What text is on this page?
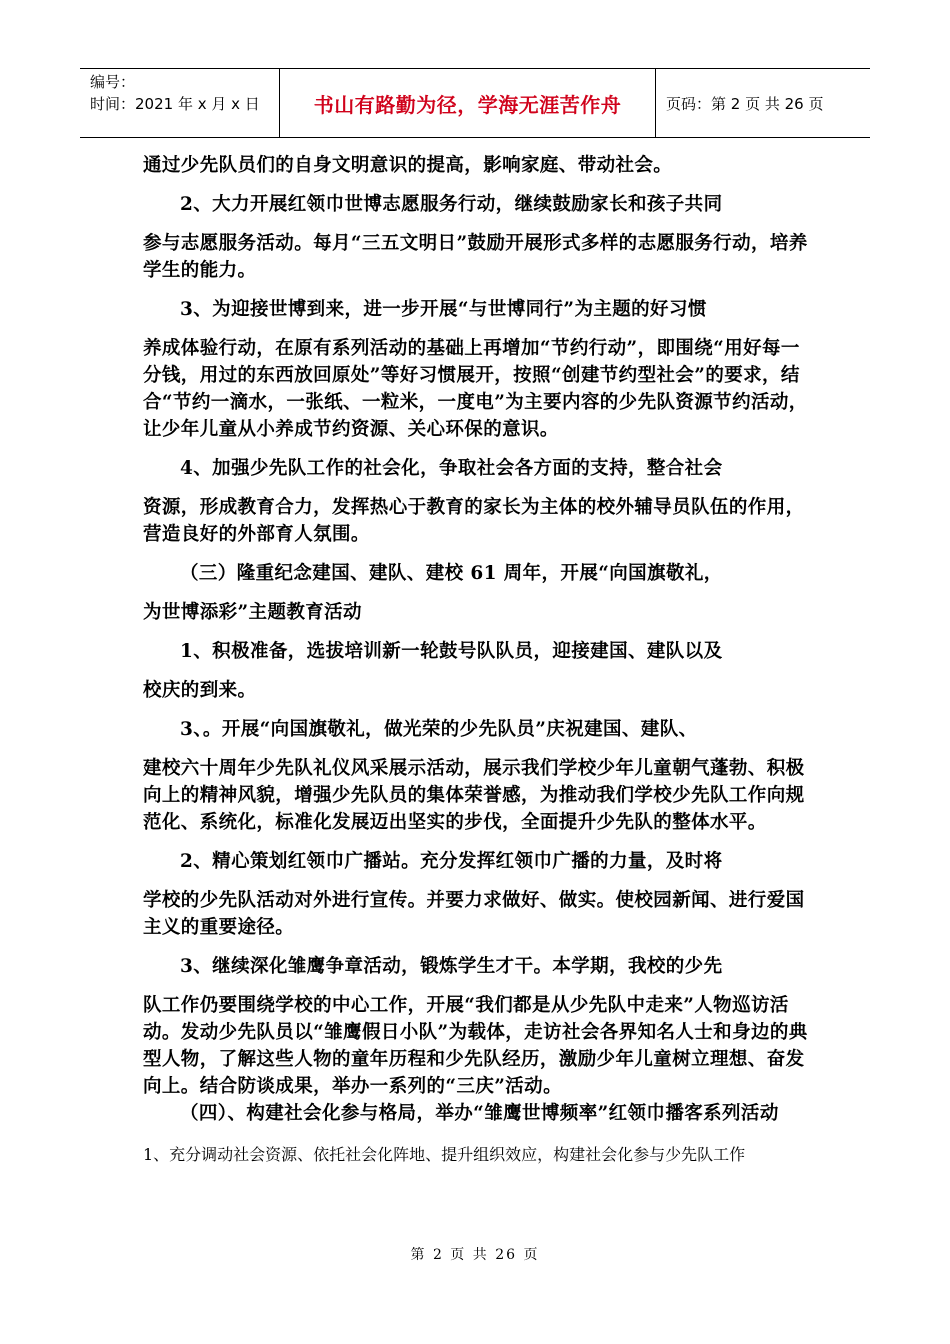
编号：
时间：2021 年 x 月 x 日	书山有路勤为径，学海无涯苦作舟	页码：第 2 页 共 26 页

通过少先队员们的自身文明意识的提高，影响家庭、带动社会。

2、大力开展红领巾世博志愿服务行动，继续鼓励家长和孩子共同

参与志愿服务活动。每月“三五文明日”鼓励开展形式多样的志愿服务行动，培养学生的能力。

3、为迎接世博到来，进一步开展“与世博同行”为主题的好习惯

养成体验行动，在原有系列活动的基础上再增加“节约行动”，即围绕“用好每一分钱，用过的东西放回原处”等好习惯展开，按照“创建节约型社会”的要求，结合“节约一滴水，一张纸、一粒米，一度电”为主要内容的少先队资源节约活动，让少年儿童从小养成节约资源、关心环保的意识。

4、加强少先队工作的社会化，争取社会各方面的支持，整合社会

资源，形成教育合力，发挥热心于教育的家长为主体的校外辅导员队伍的作用，营造良好的外部育人氛围。

（三）隆重纪念建国、建队、建校 61 周年，开展“向国旗敬礼，

为世博添彩”主题教育活动

1、积极准备，选拔培训新一轮鼓号队队员，迎接建国、建队以及

校庆的到来。

3、。开展“向国旗敬礼，做光荣的少先队员”庆祝建国、建队、

建校六十周年少先队礼仪风采展示活动，展示我们学校少年儿童朝气蓬勃、积极向上的精神风貌，增强少先队员的集体荣誉感，为推动我们学校少先队工作向规范化、系统化，标准化发展迈出坚实的步伐，全面提升少先队的整体水平。

2、精心策划红领巾广播站。充分发挥红领巾广播的力量，及时将

学校的少先队活动对外进行宣传。并要力求做好、做实。使校园新闻、进行爱国主义的重要途径。

3、继续深化雏鹰争章活动，锻炼学生才干。本学期，我校的少先

队工作仍要围绕学校的中心工作，开展“我们都是从少先队中走来”人物巡访活动。发动少先队员以“雏鹰假日小队”为载体，走访社会各界知名人士和身边的典型人物，了解这些人物的童年历程和少先队经历，激励少年儿童树立理想、奋发向上。结合防谈成果，举办一系列的“三庆”活动。

（四）、构建社会化参与格局，举办“雏鹰世博频率”红领巾播客系列活动

1、充分调动社会资源、依托社会化阵地、提升组织效应，构建社会化参与少先队工作

第 2 页 共 26 页
